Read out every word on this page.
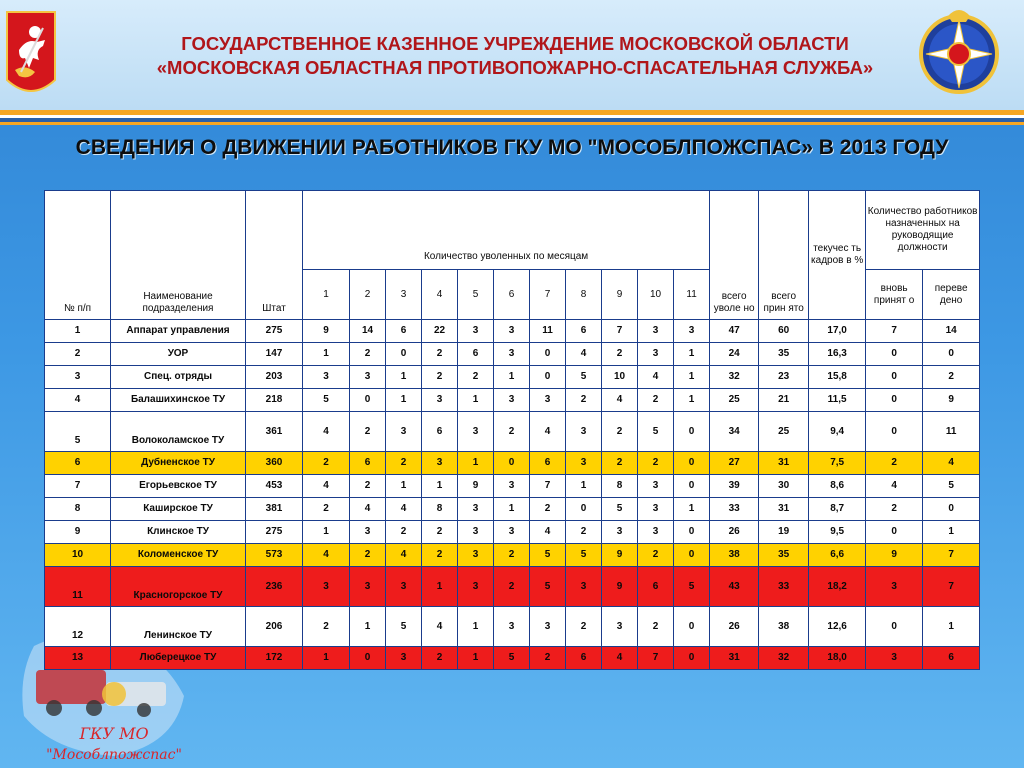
ГОСУДАРСТВЕННОЕ КАЗЕННОЕ УЧРЕЖДЕНИЕ МОСКОВСКОЙ ОБЛАСТИ
«МОСКОВСКАЯ ОБЛАСТНАЯ ПРОТИВОПОЖАРНО-СПАСАТЕЛЬНАЯ СЛУЖБА»
СВЕДЕНИЯ О ДВИЖЕНИИ РАБОТНИКОВ ГКУ МО "МОСОБЛПОЖСПАС» В 2013 ГОДУ
ГКУ МО
"Мособлпожспас"
№ п/п	Наименование подразделения	Штат	Количество уволенных по месяцам											всего уволе но	всего прин ято	текучес ть кадров в %	Количество работников назначенных на руководящие должности	
			1	2	3	4	5	6	7	8	9	10	11				вновь принят о	переве дено
1	Аппарат управления	275	9	14	6	22	3	3	11	6	7	3	3	47	60	17,0	7	14
2	УОР	147	1	2	0	2	6	3	0	4	2	3	1	24	35	16,3	0	0
3	Спец. отряды	203	3	3	1	2	2	1	0	5	10	4	1	32	23	15,8	0	2
4	Балашихинское ТУ	218	5	0	1	3	1	3	3	2	4	2	1	25	21	11,5	0	9
5	Волоколамское ТУ	361	4	2	3	6	3	2	4	3	2	5	0	34	25	9,4	0	11
6	Дубненское ТУ	360	2	6	2	3	1	0	6	3	2	2	0	27	31	7,5	2	4
7	Егорьевское ТУ	453	4	2	1	1	9	3	7	1	8	3	0	39	30	8,6	4	5
8	Каширское ТУ	381	2	4	4	8	3	1	2	0	5	3	1	33	31	8,7	2	0
9	Клинское ТУ	275	1	3	2	2	3	3	4	2	3	3	0	26	19	9,5	0	1
10	Коломенское ТУ	573	4	2	4	2	3	2	5	5	9	2	0	38	35	6,6	9	7
11	Красногорское ТУ	236	3	3	3	1	3	2	5	3	9	6	5	43	33	18,2	3	7
12	Ленинское ТУ	206	2	1	5	4	1	3	3	2	3	2	0	26	38	12,6	0	1
13	Люберецкое ТУ	172	1	0	3	2	1	5	2	6	4	7	0	31	32	18,0	3	6
